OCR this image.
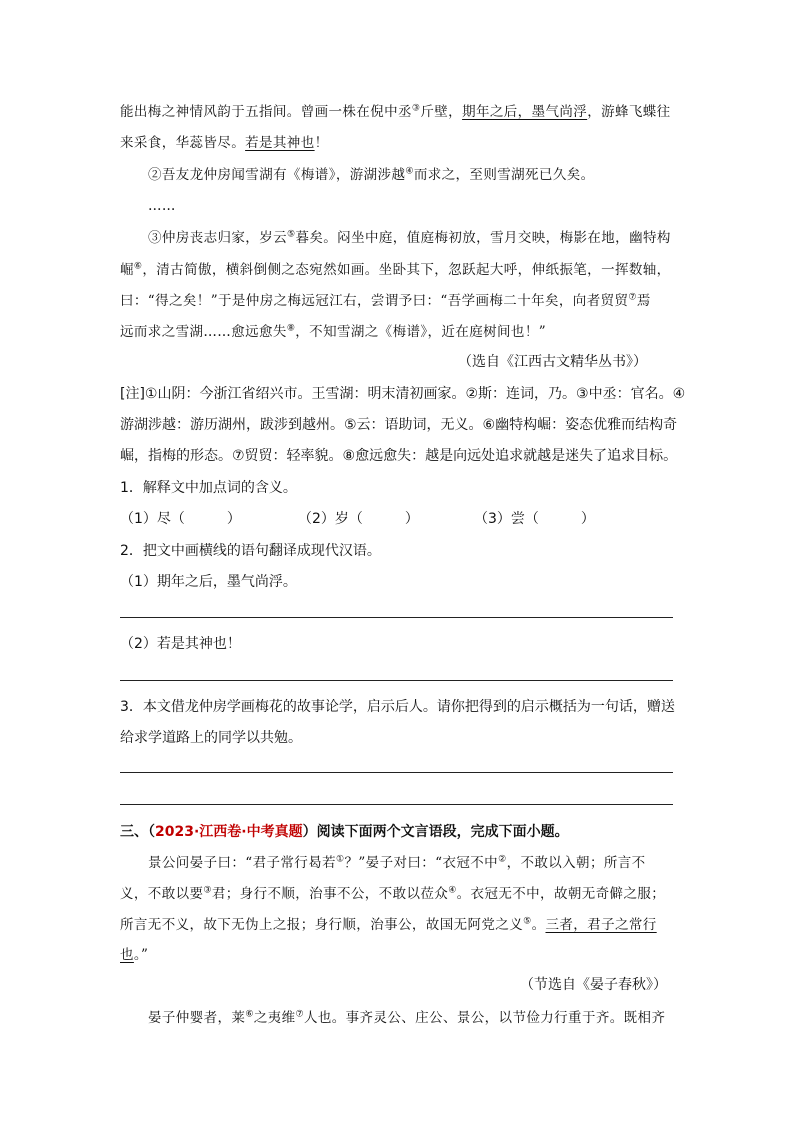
能出梅之神情风韵于五指间。曾画一株在倪中丞③斤壁，期年之后，墨气尚浮，游蜂飞蝶往
来采食，华蕊皆尽。若是其神也！
②吾友龙仲房闻雪湖有《梅谱》，游湖涉越④而求之，至则雪湖死已久矣。
……
③仲房丧志归家，岁云⑤暮矣。闷坐中庭，值庭梅初放，雪月交映，梅影在地，幽特构
崛⑥，清古简傲，横斜倒侧之态宛然如画。坐卧其下，忽跃起大呼，伸纸振笔，一挥数轴，
曰：“得之矣！”于是仲房之梅远冠江右，尝谓予曰：“吾学画梅二十年矣，向者贸贸⑦焉
远而求之雪湖……愈远愈失⑧，不知雪湖之《梅谱》，近在庭树间也！”
（选自《江西古文精华丛书》）
[注]①山阴：今浙江省绍兴市。王雪湖：明末清初画家。②斯：连词，乃。③中丞：官名。④
游湖涉越：游历湖州，跋涉到越州。⑤云：语助词，无义。⑥幽特构崛：姿态优雅而结构奇
崛，指梅的形态。⑦贸贸：轻率貌。⑧愈远愈失：越是向远处追求就越是迷失了追求目标。
1．解释文中加点词的含义。
（1）尽（　　　）	（2）岁（　　　）	（3）尝（　　　）
2．把文中画横线的语句翻译成现代汉语。
（1）期年之后，墨气尚浮。
（2）若是其神也！
3．本文借龙仲房学画梅花的故事论学，启示后人。请你把得到的启示概括为一句话，赠送
给求学道路上的同学以共勉。
三、（2023·江西卷·中考真题）阅读下面两个文言语段，完成下面小题。
景公问晏子曰：“君子常行曷若①？”晏子对曰：“衣冠不中②，不敢以入朝；所言不
义，不敢以要③君；身行不顺，治事不公，不敢以莅众④。衣冠无不中，故朝无奇僻之服；
所言无不义，故下无伪上之报；身行顺，治事公，故国无阿党之义⑤。三者，君子之常行
也。”
（节选自《晏子春秋》）
晏子仲婴者，莱⑥之夷维⑦人也。事齐灵公、庄公、景公，以节俭力行重于齐。既相齐
